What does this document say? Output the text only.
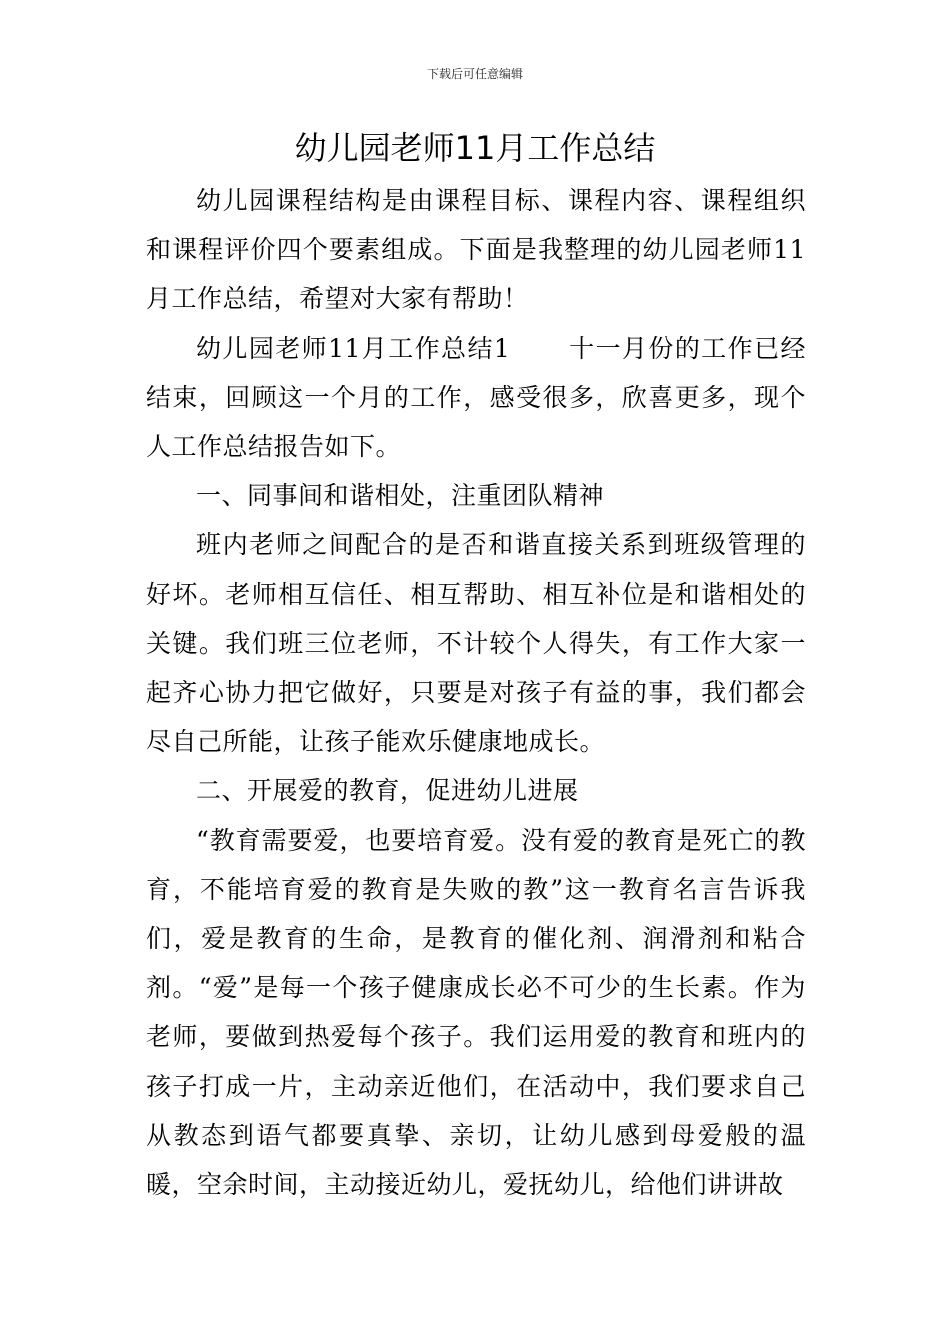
下载后可任意编辑
幼儿园老师11月工作总结

幼儿园课程结构是由课程目标、课程内容、课程组织和课程评价四个要素组成。下面是我整理的幼儿园老师11月工作总结，希望对大家有帮助！

幼儿园老师11月工作总结1 十一月份的工作已经结束，回顾这一个月的工作，感受很多，欣喜更多，现个人工作总结报告如下。

一、同事间和谐相处，注重团队精神

班内老师之间配合的是否和谐直接关系到班级管理的好坏。老师相互信任、相互帮助、相互补位是和谐相处的关键。我们班三位老师，不计较个人得失，有工作大家一起齐心协力把它做好，只要是对孩子有益的事，我们都会尽自己所能，让孩子能欢乐健康地成长。

二、开展爱的教育，促进幼儿进展

“教育需要爱，也要培育爱。没有爱的教育是死亡的教育，不能培育爱的教育是失败的教”这一教育名言告诉我们，爱是教育的生命，是教育的催化剂、润滑剂和粘合剂。“爱”是每一个孩子健康成长必不可少的生长素。作为老师，要做到热爱每个孩子。我们运用爱的教育和班内的孩子打成一片，主动亲近他们，在活动中，我们要求自己从教态到语气都要真挚、亲切，让幼儿感到母爱般的温暖，空余时间，主动接近幼儿，爱抚幼儿，给他们讲讲故
